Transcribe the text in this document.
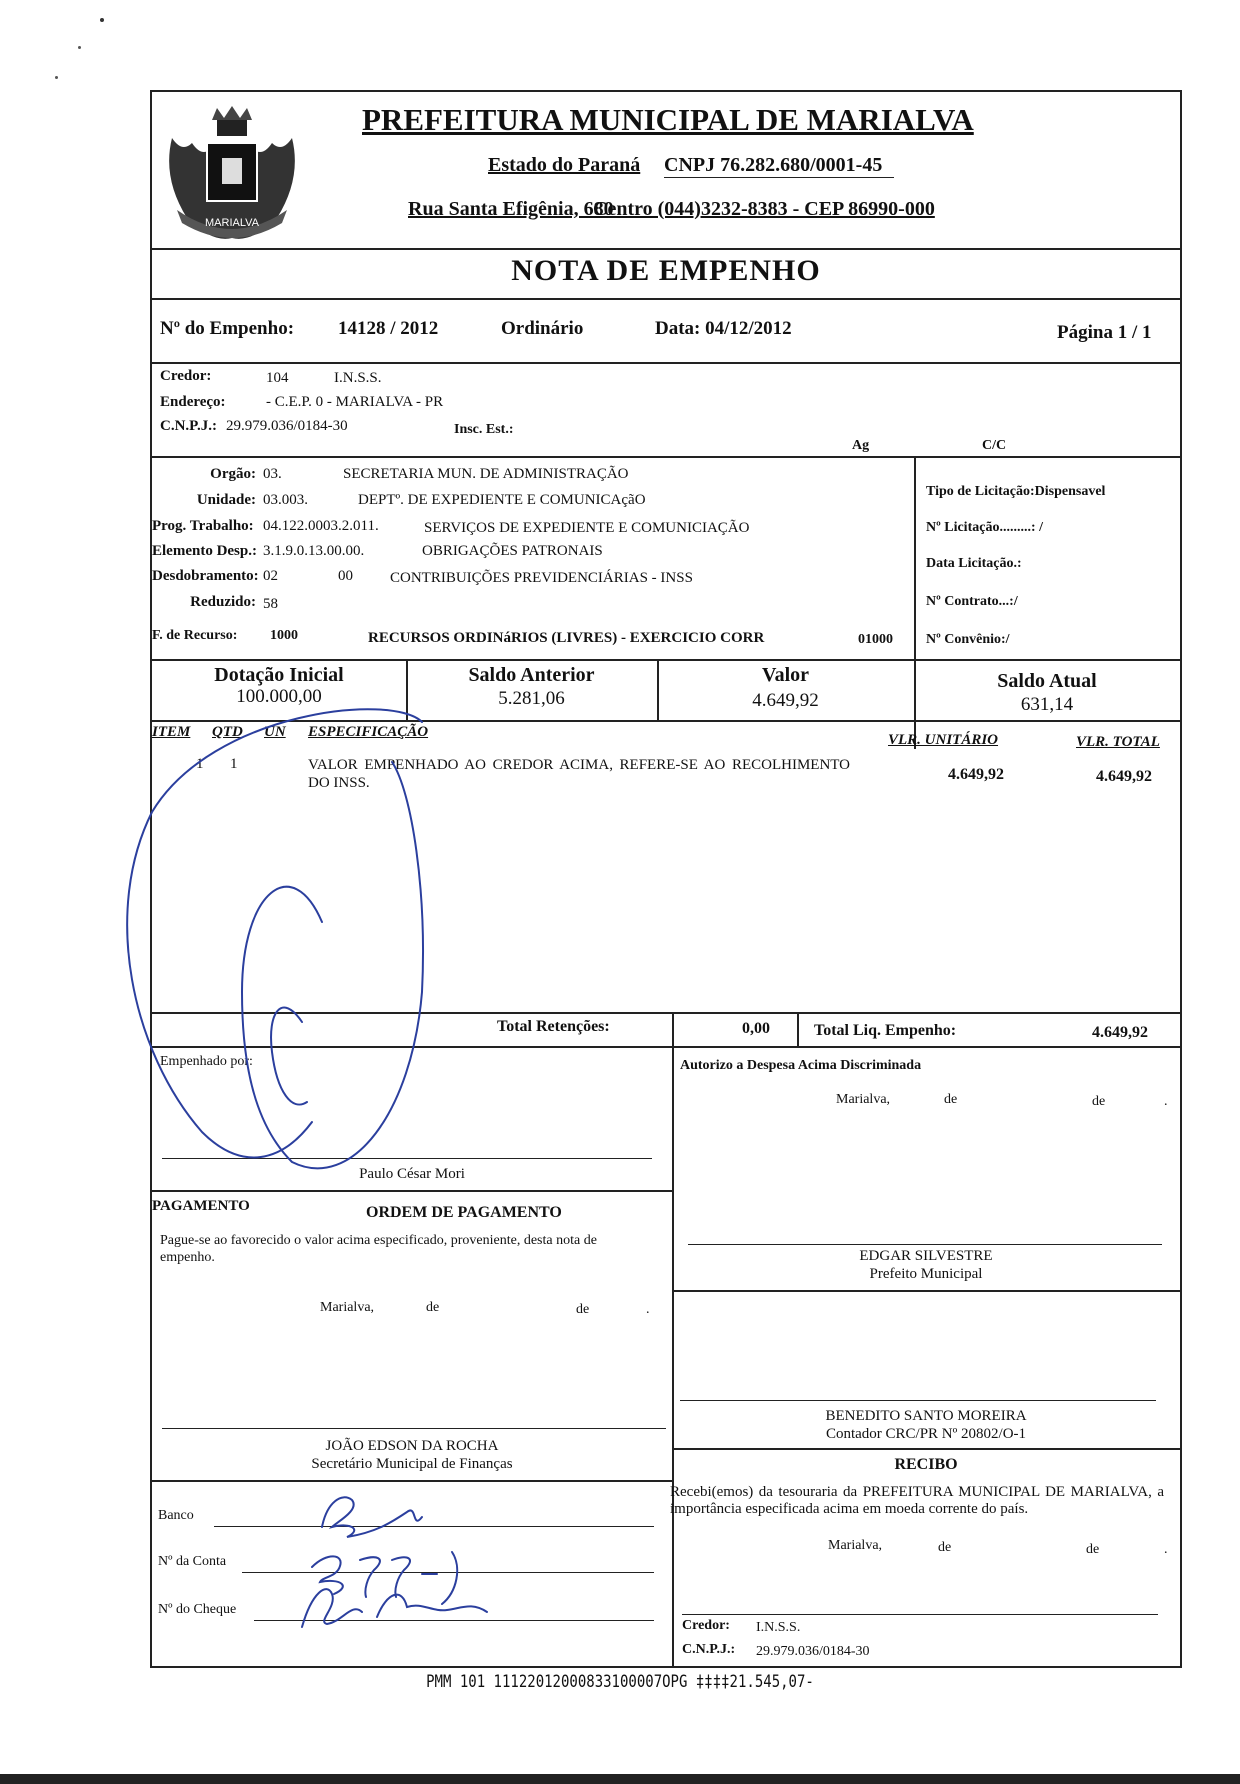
MARIALVA
PREFEITURA MUNICIPAL DE MARIALVA
Estado do Paraná CNPJ 76.282.680/0001-45
Rua Santa Efigênia, 680
Centro (044)3232-8383 - CEP 86990-000
NOTA DE EMPENHO
Nº do Empenho: 14128 / 2012	Ordinário	Data: 04/12/2012	Página 1 / 1
Credor:	104	I.N.S.S.
Endereço:	- C.E.P. 0 - MARIALVA - PR
C.N.P.J.: 29.979.036/0184-30	Insc. Est.:
Ag	C/C
Orgão: 03.	SECRETARIA MUN. DE ADMINISTRAÇÃO
Unidade: 03.003.	DEPTº. DE EXPEDIENTE E COMUNICAçãO
Prog. Trabalho: 04.122.0003.2.011.	SERVIÇOS DE EXPEDIENTE E COMUNICIAÇÃO
Elemento Desp.: 3.1.9.0.13.00.00.	OBRIGAÇÕES PATRONAIS
Desdobramento: 02	00 CONTRIBUIÇÕES PREVIDENCIÁRIAS - INSS
Reduzido: 58
F. de Recurso: 1000	RECURSOS ORDINáRIOS (LIVRES) - EXERCICIO CORR	01000
Tipo de Licitação:Dispensavel
Nº Licitação.........: /
Data Licitação.:
Nº Contrato...:/
Nº Convênio:/
Dotação Inicial
100.000,00
Saldo Anterior
5.281,06
Valor
4.649,92
Saldo Atual
631,14
ITEM QTD UN ESPECIFICAÇÃO	VLR. UNITÁRIO	VLR. TOTAL
1 1	VALOR EMPENHADO AO CREDOR ACIMA, REFERE-SE AO RECOLHIMENTO DO INSS.	4.649,92	4.649,92
Total Retenções:	0,00	Total Liq. Empenho:	4.649,92
Empenhado por:
Paulo César Mori
PAGAMENTO	ORDEM DE PAGAMENTO
Pague-se ao favorecido o valor acima especificado, proveniente, desta nota de empenho.
Marialva,	de	de	.
JOÃO EDSON DA ROCHA
Secretário Municipal de Finanças
Banco
Nº da Conta
Nº do Cheque
Autorizo a Despesa Acima Discriminada
Marialva,	de	de	.
EDGAR SILVESTRE
Prefeito Municipal
BENEDITO SANTO MOREIRA
Contador CRC/PR Nº 20802/O-1
RECIBO
Recebi(emos) da tesouraria da PREFEITURA MUNICIPAL DE MARIALVA, a importância especificada acima em moeda corrente do país.
Marialva,	de	de	.
Credor: I.N.S.S.
C.N.P.J.: 29.979.036/0184-30
PMM 101 11122012000833100007OPG ‡‡‡‡21.545,07-
